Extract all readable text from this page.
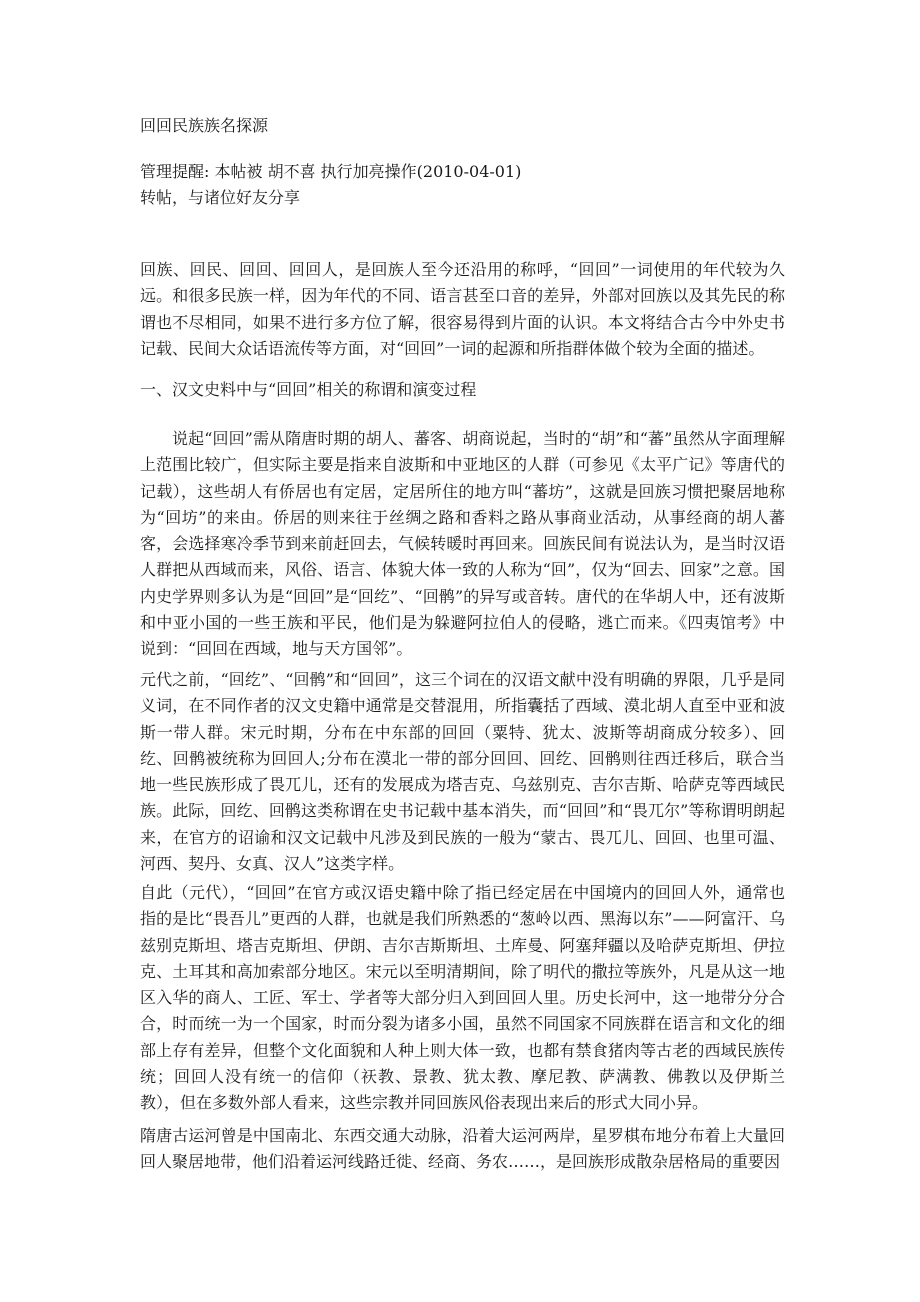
回回民族族名探源
管理提醒: 本帖被 胡不喜 执行加亮操作(2010-04-01)
转帖，与诸位好友分享
回族、回民、回回、回回人，是回族人至今还沿用的称呼，“回回”一词使用的年代较为久远。和很多民族一样，因为年代的不同、语言甚至口音的差异，外部对回族以及其先民的称谓也不尽相同，如果不进行多方位了解，很容易得到片面的认识。本文将结合古今中外史书记载、民间大众话语流传等方面，对“回回”一词的起源和所指群体做个较为全面的描述。
一、汉文史料中与“回回”相关的称谓和演变过程
说起“回回”需从隋唐时期的胡人、蕃客、胡商说起，当时的“胡”和“蕃”虽然从字面理解上范围比较广，但实际主要是指来自波斯和中亚地区的人群（可参见《太平广记》等唐代的记载），这些胡人有侨居也有定居，定居所住的地方叫“蕃坊”，这就是回族习惯把聚居地称为“回坊”的来由。侨居的则来往于丝绸之路和香料之路从事商业活动，从事经商的胡人蕃客，会选择寒冷季节到来前赶回去，气候转暖时再回来。回族民间有说法认为，是当时汉语人群把从西域而来，风俗、语言、体貌大体一致的人称为“回”，仅为“回去、回家”之意。国内史学界则多认为是“回回”是“回纥”、“回鹘”的异写或音转。唐代的在华胡人中，还有波斯和中亚小国的一些王族和平民，他们是为躲避阿拉伯人的侵略，逃亡而来。《四夷馆考》中说到：“回回在西域，地与天方国邻”。
元代之前，“回纥”、“回鹘”和“回回”，这三个词在的汉语文献中没有明确的界限，几乎是同义词，在不同作者的汉文史籍中通常是交替混用，所指囊括了西域、漠北胡人直至中亚和波斯一带人群。宋元时期，分布在中东部的回回（粟特、犹太、波斯等胡商成分较多）、回纥、回鹘被统称为回回人;分布在漠北一带的部分回回、回纥、回鹘则往西迁移后，联合当地一些民族形成了畏兀儿，还有的发展成为塔吉克、乌兹别克、吉尔吉斯、哈萨克等西域民族。此际，回纥、回鹘这类称谓在史书记载中基本消失，而“回回”和“畏兀尔”等称谓明朗起来，在官方的诏谕和汉文记载中凡涉及到民族的一般为“蒙古、畏兀儿、回回、也里可温、河西、契丹、女真、汉人”这类字样。
自此（元代），“回回”在官方或汉语史籍中除了指已经定居在中国境内的回回人外，通常也指的是比“畏吾儿”更西的人群，也就是我们所熟悉的“葱岭以西、黑海以东”——阿富汗、乌兹别克斯坦、塔吉克斯坦、伊朗、吉尔吉斯斯坦、土库曼、阿塞拜疆以及哈萨克斯坦、伊拉克、土耳其和高加索部分地区。宋元以至明清期间，除了明代的撒拉等族外，凡是从这一地区入华的商人、工匠、军士、学者等大部分归入到回回人里。历史长河中，这一地带分分合合，时而统一为一个国家，时而分裂为诸多小国，虽然不同国家不同族群在语言和文化的细部上存有差异，但整个文化面貌和人种上则大体一致，也都有禁食猪肉等古老的西域民族传统；回回人没有统一的信仰（祆教、景教、犹太教、摩尼教、萨满教、佛教以及伊斯兰教），但在多数外部人看来，这些宗教并同回族风俗表现出来后的形式大同小异。
隋唐古运河曾是中国南北、东西交通大动脉，沿着大运河两岸，星罗棋布地分布着上大量回回人聚居地带，他们沿着运河线路迁徙、经商、务农……，是回族形成散杂居格局的重要因
